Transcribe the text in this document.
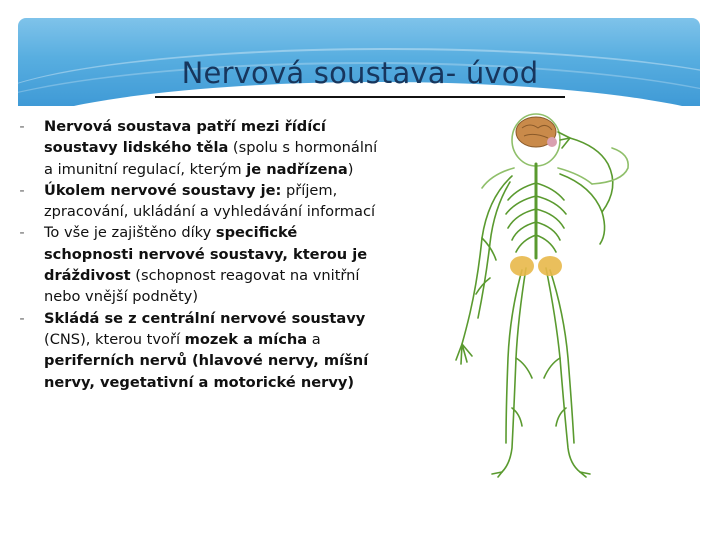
Nervová soustava- úvod
-	Nervová soustava patří mezi řídící soustavy lidského těla (spolu s hormonální a imunitní regulací, kterým je nadřízena)
-	Úkolem nervové soustavy je: příjem, zpracování, ukládání a vyhledávání informací
-	To vše je zajištěno díky specifické schopnosti nervové soustavy, kterou je dráždivost (schopnost reagovat na vnitřní nebo vnější podněty)
-	Skládá se z centrální nervové soustavy (CNS), kterou tvoří mozek a mícha a periferních nervů (hlavové nervy, míšní nervy, vegetativní a motorické nervy)
